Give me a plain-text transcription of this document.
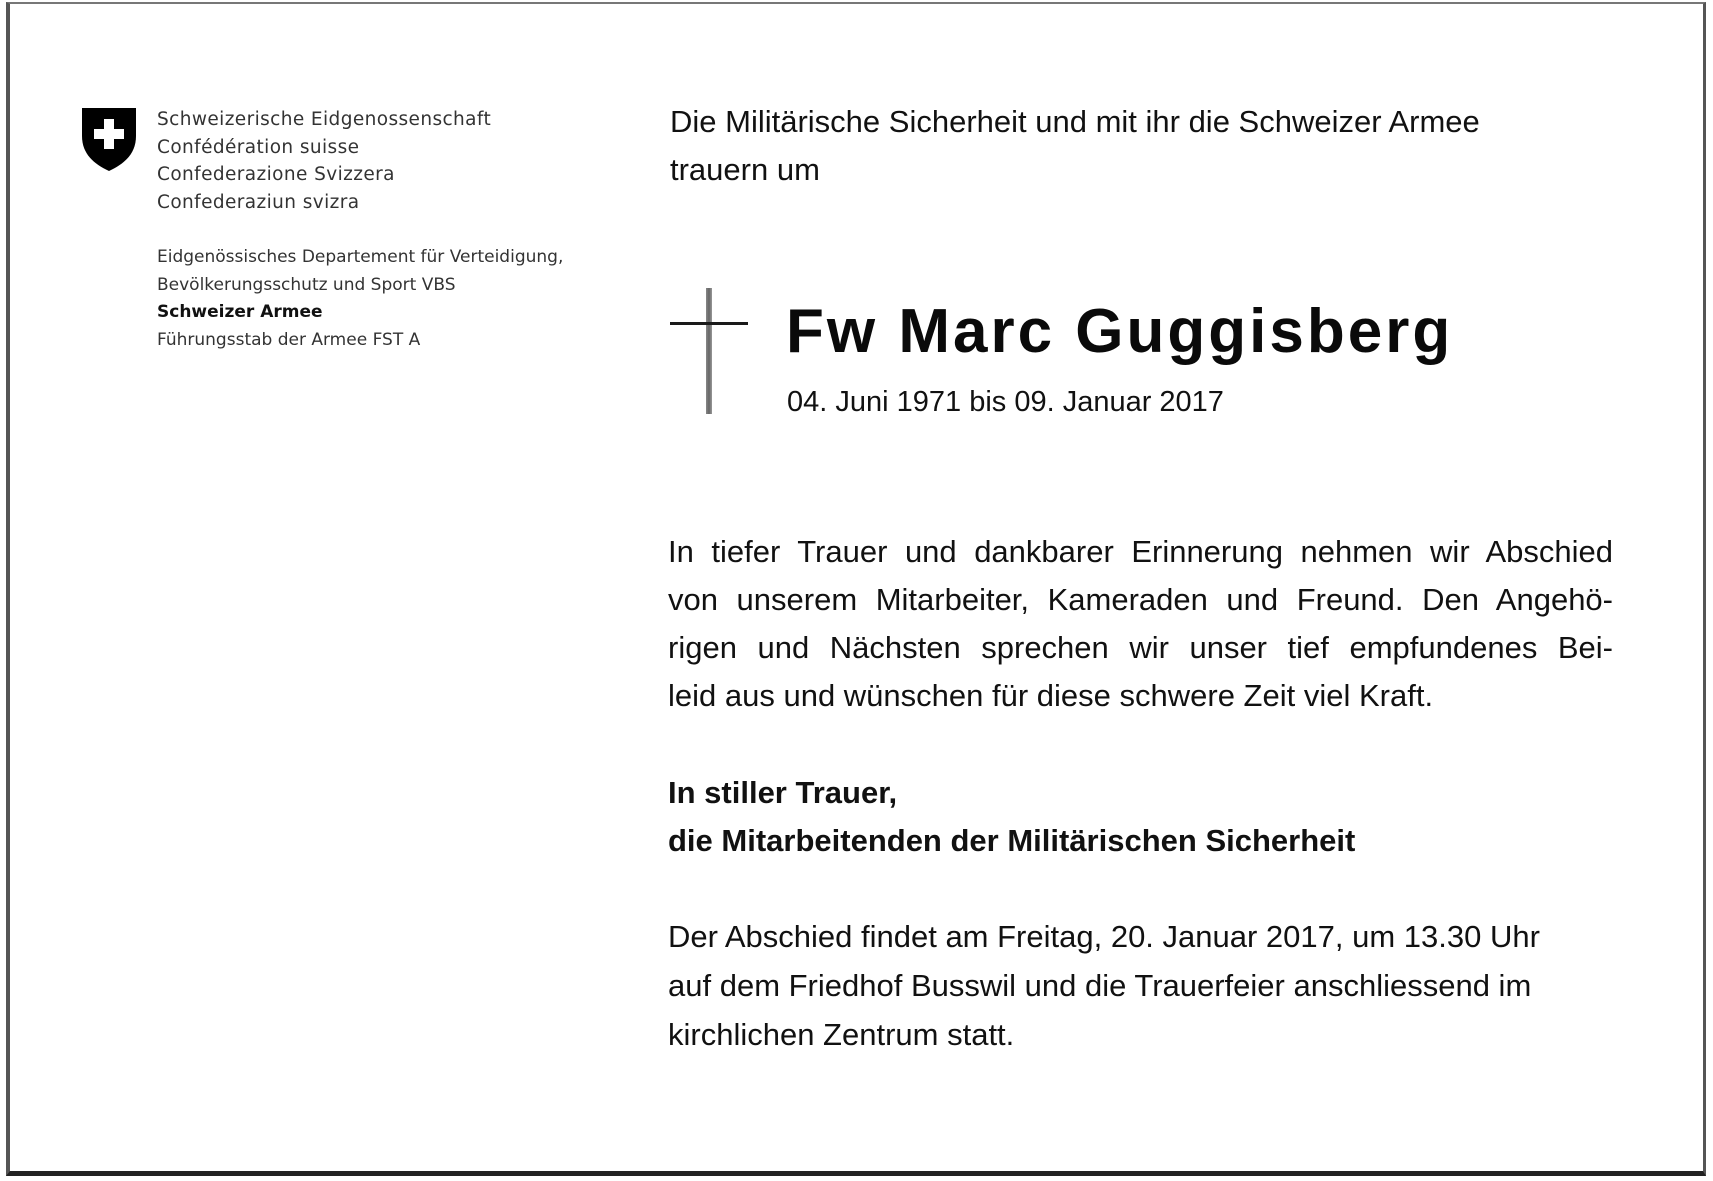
Schweizerische Eidgenossenschaft
Confédération suisse
Confederazione Svizzera
Confederaziun svizra
Eidgenössisches Departement für Verteidigung,
Bevölkerungsschutz und Sport VBS
Schweizer Armee
Führungsstab der Armee FST A
Die Militärische Sicherheit und mit ihr die Schweizer Armee
trauern um
Fw Marc Guggisberg
04. Juni 1971 bis 09. Januar 2017
In tiefer Trauer und dankbarer Erinnerung nehmen wir Abschied
von unserem Mitarbeiter, Kameraden und Freund. Den Angehö-
rigen und Nächsten sprechen wir unser tief empfundenes Bei-
leid aus und wünschen für diese schwere Zeit viel Kraft.
In stiller Trauer,
die Mitarbeitenden der Militärischen Sicherheit
Der Abschied findet am Freitag, 20. Januar 2017, um 13.30 Uhr
auf dem Friedhof Busswil und die Trauerfeier anschliessend im
kirchlichen Zentrum statt.
